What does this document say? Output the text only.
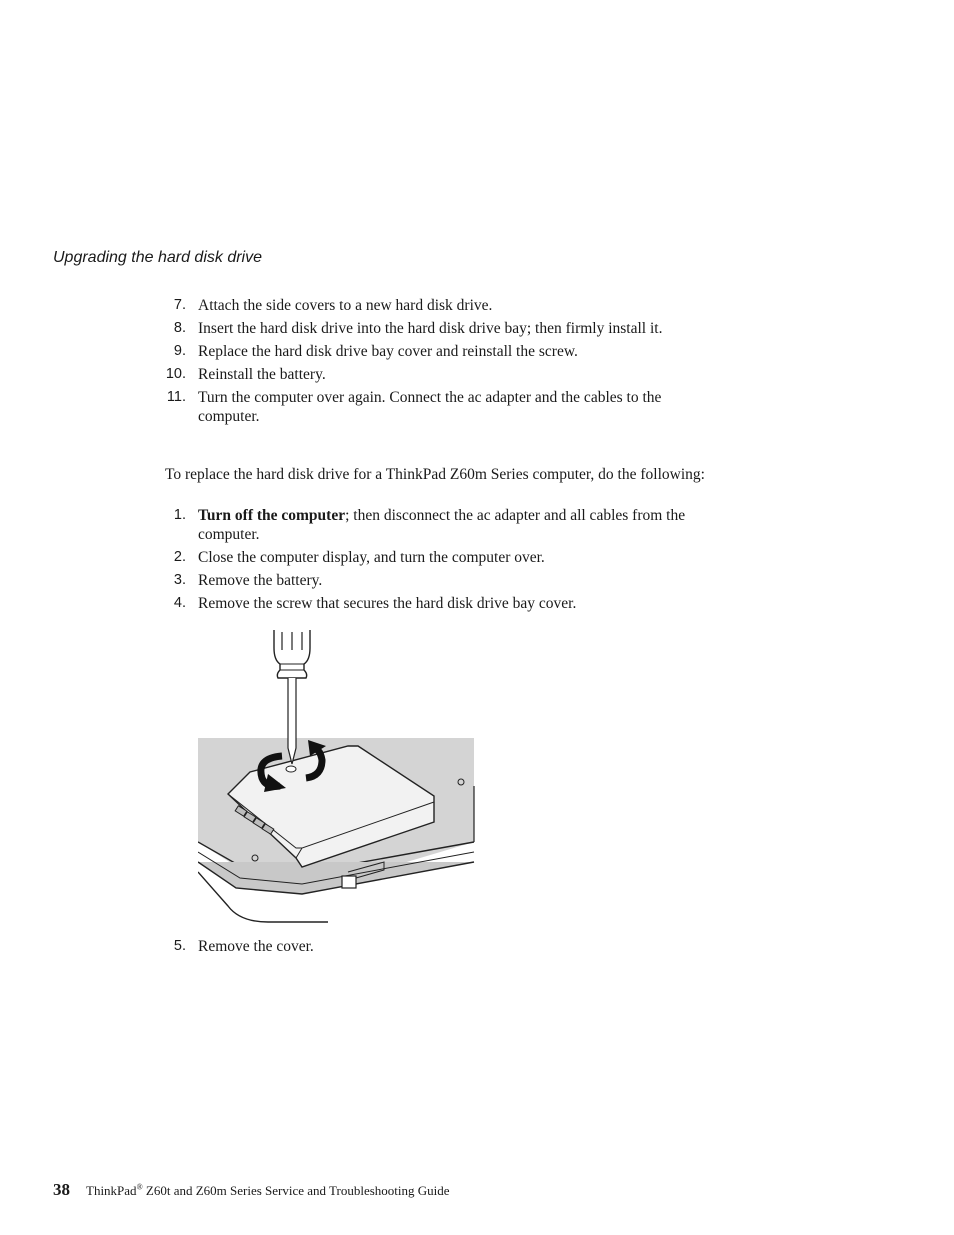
Upgrading the hard disk drive
7. Attach the side covers to a new hard disk drive.
8. Insert the hard disk drive into the hard disk drive bay; then firmly install it.
9. Replace the hard disk drive bay cover and reinstall the screw.
10. Reinstall the battery.
11. Turn the computer over again. Connect the ac adapter and the cables to the computer.

To replace the hard disk drive for a ThinkPad Z60m Series computer, do the following:

1. Turn off the computer; then disconnect the ac adapter and all cables from the computer.
2. Close the computer display, and turn the computer over.
3. Remove the battery.
4. Remove the screw that secures the hard disk drive bay cover.
5. Remove the cover.
38 ThinkPad® Z60t and Z60m Series Service and Troubleshooting Guide
